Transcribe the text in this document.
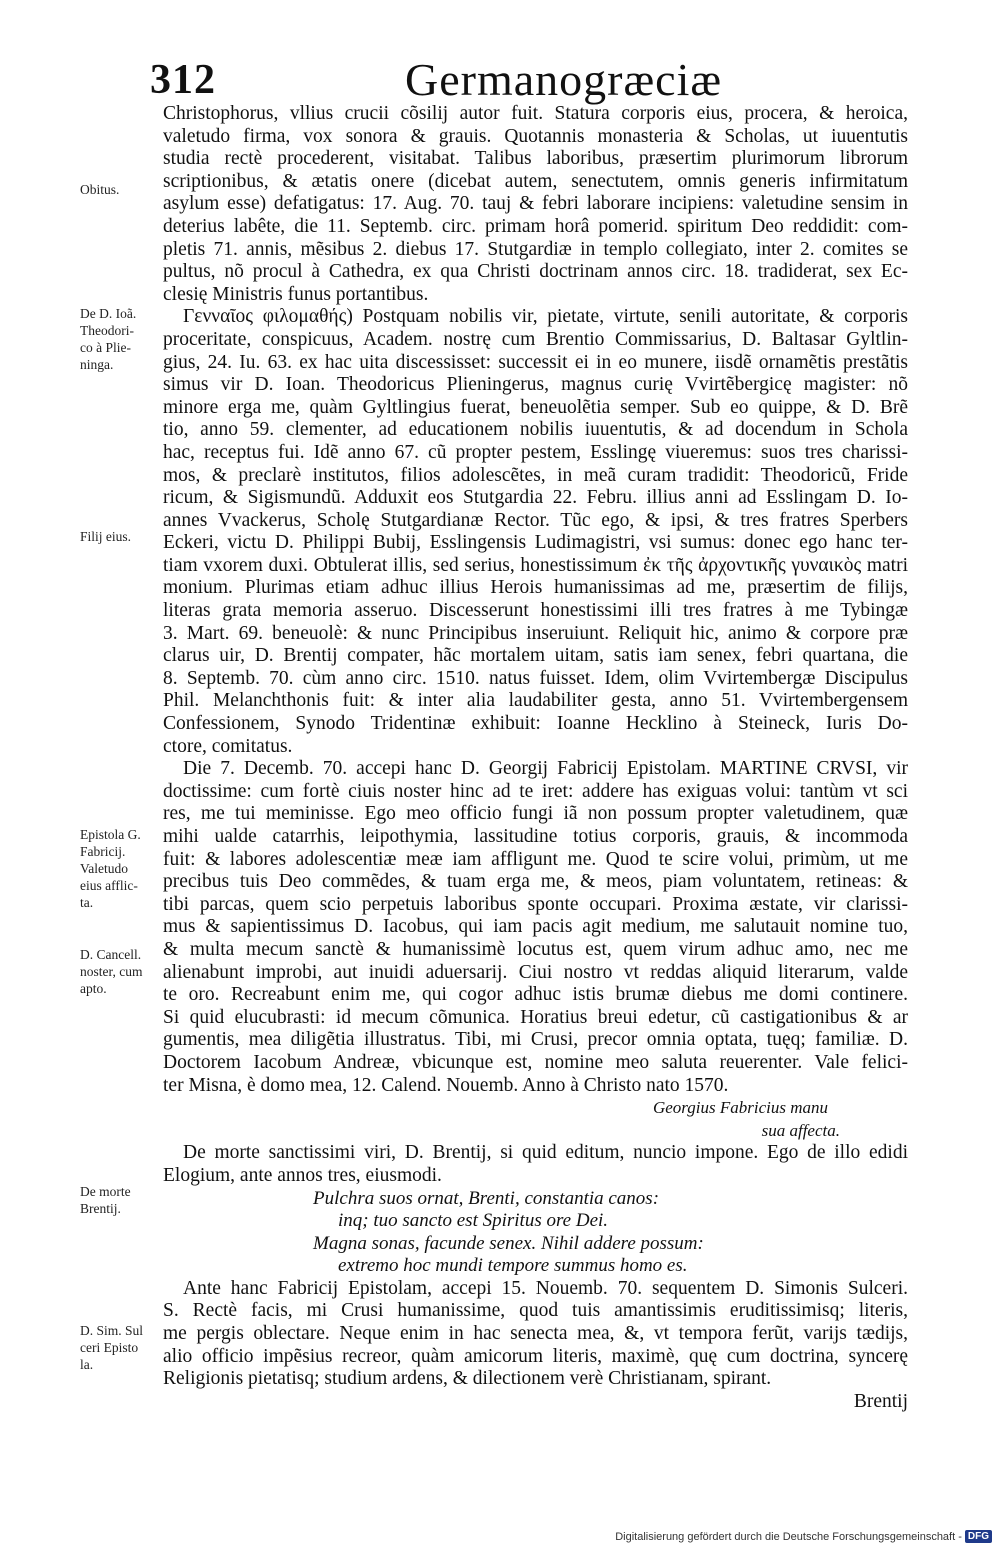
312	Germanogræciæ
Christophorus, vllius crucii cõsilij autor fuit. Statura corporis eius, procera, & heroica,
valetudo firma, vox sonora & grauis. Quotannis monasteria & Scholas, ut iuuentutis
studia rectè procederent, visitabat. Talibus laboribus, præsertim plurimorum librorum
scriptionibus, & ætatis onere (dicebat autem, senectutem, omnis generis infirmitatum
asylum esse) defatigatus: 17. Aug. 70. tauj & febri laborare incipiens: valetudine sensim in
deterius labête, die 11. Septemb. circ. primam horâ pomerid. spiritum Deo reddidit: com-
pletis 71. annis, mẽsibus 2. diebus 17. Stutgardiæ in templo collegiato, inter 2. comites se
pultus, nõ procul à Cathedra, ex qua Christi doctrinam annos circ. 18. tradiderat, sex Ec-
clesię Ministris funus portantibus.
Γενναῖος φιλομαθής) Postquam nobilis vir, pietate, virtute, senili autoritate, & corporis
proceritate, conspicuus, Academ. nostrę cum Brentio Commissarius, D. Baltasar Gyltlin-
gius, 24. Iu. 63. ex hac uita discessisset: successit ei in eo munere, iisdẽ ornamẽtis prestãtis
simus vir D. Ioan. Theodoricus Plieningerus, magnus curię Vvirtẽbergicę magister: nõ
minore erga me, quàm Gyltlingius fuerat, beneuolẽtia semper. Sub eo quippe, & D. Brẽ
tio, anno 59. clementer, ad educationem nobilis iuuentutis, & ad docendum in Schola
hac, receptus fui. Idẽ anno 67. cũ propter pestem, Esslingę viueremus: suos tres charissi-
mos, & preclarè institutos, filios adolescẽtes, in meã curam tradidit: Theodoricũ, Fride
ricum, & Sigismundũ. Adduxit eos Stutgardia 22. Febru. illius anni ad Esslingam D. Io-
annes Vvackerus, Scholę Stutgardianæ Rector. Tũc ego, & ipsi, & tres fratres Sperbers
Eckeri, victu D. Philippi Bubij, Esslingensis Ludimagistri, vsi sumus: donec ego hanc ter-
tiam vxorem duxi. Obtulerat illis, sed serius, honestissimum ἐκ τῆς ἀρχοντικῆς γυναικὸς matri
monium. Plurimas etiam adhuc illius Herois humanissimas ad me, præsertim de filijs,
literas grata memoria asseruo. Discesserunt honestissimi illi tres fratres à me Tybingæ
3. Mart. 69. beneuolè: & nunc Principibus inseruiunt. Reliquit hic, animo & corpore præ
clarus uir, D. Brentij compater, hãc mortalem uitam, satis iam senex, febri quartana, die
8. Septemb. 70. cùm anno circ. 1510. natus fuisset. Idem, olim Vvirtembergæ Discipulus
Phil. Melanchthonis fuit: & inter alia laudabiliter gesta, anno 51. Vvirtembergensem
Confessionem, Synodo Tridentinæ exhibuit: Ioanne Hecklino à Steineck, Iuris Do-
ctore, comitatus.
Die 7. Decemb. 70. accepi hanc D. Georgij Fabricij Epistolam. MARTINE CRVSI, vir
doctissime: cum fortè ciuis noster hinc ad te iret: addere has exiguas volui: tantùm vt sci
res, me tui meminisse. Ego meo officio fungi iã non possum propter valetudinem, quæ
mihi ualde catarrhis, leipothymia, lassitudine totius corporis, grauis, & incommoda
fuit: & labores adolescentiæ meæ iam affligunt me. Quod te scire volui, primùm, ut me
precibus tuis Deo commẽdes, & tuam erga me, & meos, piam voluntatem, retineas: &
tibi parcas, quem scio perpetuis laboribus sponte occupari. Proxima æstate, vir clarissi-
mus & sapientissimus D. Iacobus, qui iam pacis agit medium, me salutauit nomine tuo,
& multa mecum sanctè & humanissimè locutus est, quem virum adhuc amo, nec me
alienabunt improbi, aut inuidi aduersarij. Ciui nostro vt reddas aliquid literarum, valde
te oro. Recreabunt enim me, qui cogor adhuc istis brumæ diebus me domi continere.
Si quid elucubrasti: id mecum cõmunica. Horatius breui edetur, cũ castigationibus & ar
gumentis, mea diligẽtia illustratus. Tibi, mi Crusi, precor omnia optata, tuęq; familiæ. D.
Doctorem Iacobum Andreæ, vbicunque est, nomine meo saluta reuerenter. Vale felici-
ter Misna, è domo mea, 12. Calend. Nouemb. Anno à Christo nato 1570.
Georgius Fabricius manu
sua affecta.
De morte sanctissimi viri, D. Brentij, si quid editum, nuncio impone. Ego de illo edidi
Elogium, ante annos tres, eiusmodi.
Pulchra suos ornat, Brenti, constantia canos:
inq; tuo sancto est Spiritus ore Dei.
Magna sonas, facunde senex. Nihil addere possum:
extremo hoc mundi tempore summus homo es.
Ante hanc Fabricij Epistolam, accepi 15. Nouemb. 70. sequentem D. Simonis Sulceri.
S. Rectè facis, mi Crusi humanissime, quod tuis amantissimis eruditissimisq; literis,
me pergis oblectare. Neque enim in hac senecta mea, &, vt tempora ferũt, varijs tædijs,
alio officio impẽsius recreor, quàm amicorum literis, maximè, quę cum doctrina, syncerę
Religionis pietatisq; studium ardens, & dilectionem verè Christianam, spirant.
Brentij
Obitus.
De D. Ioã.
Theodori-
co à Plie-
ninga.
Filij eius.
Epistola G.
Fabricij.
Valetudo
eius afflic-
ta.
D. Cancell.
noster, cum
apto.
De morte
Brentij.
D. Sim. Sul
ceri Episto
la.
Digitalisierung gefördert durch die Deutsche Forschungsgemeinschaft - DFG
